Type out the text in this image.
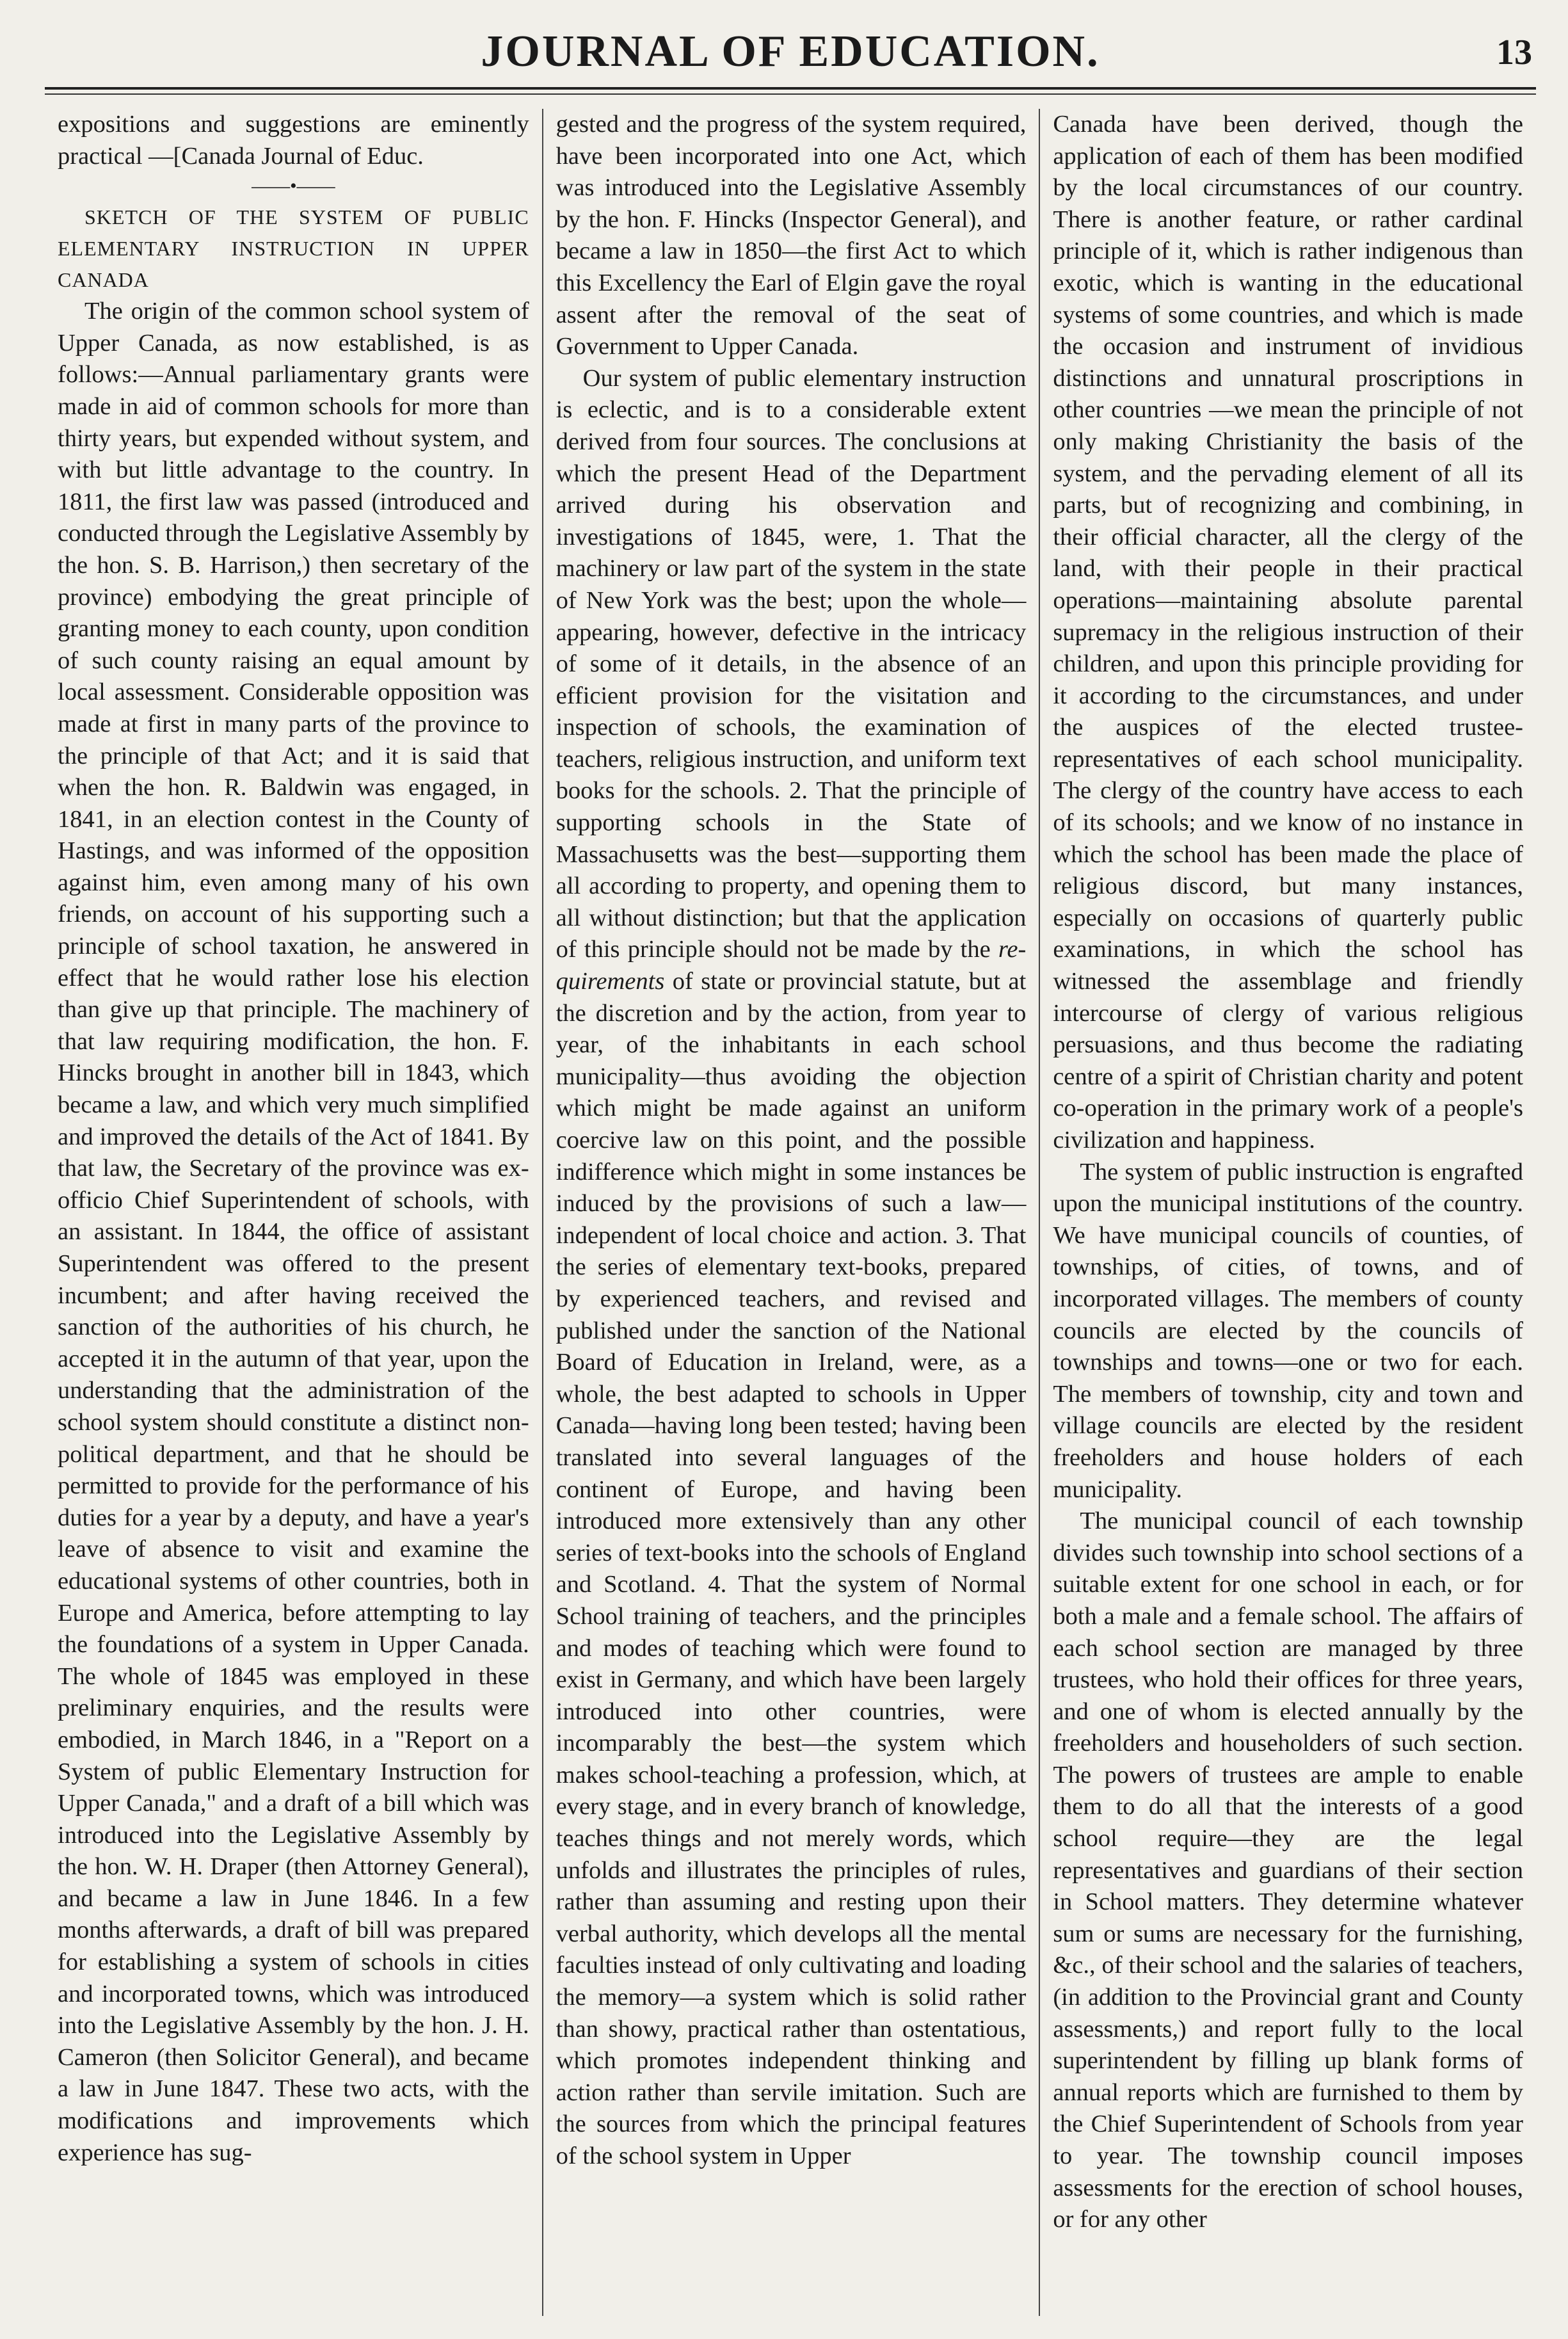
JOURNAL OF EDUCATION.	13

expositions and suggestions are eminently practical —[Canada Journal of Educ.

——•——

SKETCH OF THE SYSTEM OF PUBLIC ELEMENTARY INSTRUCTION IN UPPER CANADA

The origin of the common school system of Upper Canada, as now established, is as follows:—Annual parliamentary grants were made in aid of common schools for more than thirty years, but expended without system, and with but little advantage to the country. In 1811, the first law was passed (introduced and conducted through the Legislative Assembly by the hon. S. B. Harrison,) then secretary of the province) embodying the great principle of granting money to each county, upon condition of such county raising an equal amount by local assessment. Considerable opposition was made at first in many parts of the province to the principle of that Act; and it is said that when the hon. R. Baldwin was engaged, in 1841, in an election contest in the County of Hastings, and was informed of the opposition against him, even among many of his own friends, on account of his supporting such a principle of school taxation, he answered in effect that he would rather lose his election than give up that principle. The machinery of that law requiring modification, the hon. F. Hincks brought in another bill in 1843, which became a law, and which very much simplified and improved the details of the Act of 1841. By that law, the Secretary of the province was ex-officio Chief Superintendent of schools, with an assistant. In 1844, the office of assistant Superintendent was offered to the present incumbent; and after having received the sanction of the authorities of his church, he accepted it in the autumn of that year, upon the understanding that the administration of the school system should constitute a distinct non-political department, and that he should be permitted to provide for the performance of his duties for a year by a deputy, and have a year's leave of absence to visit and examine the educational systems of other countries, both in Europe and America, before attempting to lay the foundations of a system in Upper Canada. The whole of 1845 was employed in these preliminary enquiries, and the results were embodied, in March 1846, in a "Report on a System of public Elementary Instruction for Upper Canada," and a draft of a bill which was introduced into the Legislative Assembly by the hon. W. H. Draper (then Attorney General), and became a law in June 1846. In a few months afterwards, a draft of bill was prepared for establishing a system of schools in cities and incorporated towns, which was introduced into the Legislative Assembly by the hon. J. H. Cameron (then Solicitor General), and became a law in June 1847. These two acts, with the modifications and improvements which experience has sug-

gested and the progress of the system required, have been incorporated into one Act, which was introduced into the Legislative Assembly by the hon. F. Hincks (Inspector General), and became a law in 1850—the first Act to which this Excellency the Earl of Elgin gave the royal assent after the removal of the seat of Government to Upper Canada.

Our system of public elementary instruction is eclectic, and is to a considerable extent derived from four sources. The conclusions at which the present Head of the Department arrived during his observation and investigations of 1845, were, 1. That the machinery or law part of the system in the state of New York was the best; upon the whole—appearing, however, defective in the intricacy of some of it details, in the absence of an efficient provision for the visitation and inspection of schools, the examination of teachers, religious instruction, and uniform text books for the schools. 2. That the principle of supporting schools in the State of Massachusetts was the best—supporting them all according to property, and opening them to all without distinction; but that the application of this principle should not be made by the re-quirements of state or provincial statute, but at the discretion and by the action, from year to year, of the inhabitants in each school municipality—thus avoiding the objection which might be made against an uniform coercive law on this point, and the possible indifference which might in some instances be induced by the provisions of such a law—independent of local choice and action. 3. That the series of elementary text-books, prepared by experienced teachers, and revised and published under the sanction of the National Board of Education in Ireland, were, as a whole, the best adapted to schools in Upper Canada—having long been tested; having been translated into several languages of the continent of Europe, and having been introduced more extensively than any other series of text-books into the schools of England and Scotland. 4. That the system of Normal School training of teachers, and the principles and modes of teaching which were found to exist in Germany, and which have been largely introduced into other countries, were incomparably the best—the system which makes school-teaching a profession, which, at every stage, and in every branch of knowledge, teaches things and not merely words, which unfolds and illustrates the principles of rules, rather than assuming and resting upon their verbal authority, which develops all the mental faculties instead of only cultivating and loading the memory—a system which is solid rather than showy, practical rather than ostentatious, which promotes independent thinking and action rather than servile imitation. Such are the sources from which the principal features of the school system in Upper

Canada have been derived, though the application of each of them has been modified by the local circumstances of our country. There is another feature, or rather cardinal principle of it, which is rather indigenous than exotic, which is wanting in the educational systems of some countries, and which is made the occasion and instrument of invidious distinctions and unnatural proscriptions in other countries —we mean the principle of not only making Christianity the basis of the system, and the pervading element of all its parts, but of recognizing and combining, in their official character, all the clergy of the land, with their people in their practical operations—maintaining absolute parental supremacy in the religious instruction of their children, and upon this principle providing for it according to the circumstances, and under the auspices of the elected trustee-representatives of each school municipality. The clergy of the country have access to each of its schools; and we know of no instance in which the school has been made the place of religious discord, but many instances, especially on occasions of quarterly public examinations, in which the school has witnessed the assemblage and friendly intercourse of clergy of various religious persuasions, and thus become the radiating centre of a spirit of Christian charity and potent co-operation in the primary work of a people's civilization and happiness.

The system of public instruction is engrafted upon the municipal institutions of the country. We have municipal councils of counties, of townships, of cities, of towns, and of incorporated villages. The members of county councils are elected by the councils of townships and towns—one or two for each. The members of township, city and town and village councils are elected by the resident freeholders and house holders of each municipality.

The municipal council of each township divides such township into school sections of a suitable extent for one school in each, or for both a male and a female school. The affairs of each school section are managed by three trustees, who hold their offices for three years, and one of whom is elected annually by the freeholders and householders of such section. The powers of trustees are ample to enable them to do all that the interests of a good school require—they are the legal representatives and guardians of their section in School matters. They determine whatever sum or sums are necessary for the furnishing, &c., of their school and the salaries of teachers, (in addition to the Provincial grant and County assessments,) and report fully to the local superintendent by filling up blank forms of annual reports which are furnished to them by the Chief Superintendent of Schools from year to year. The township council imposes assessments for the erection of school houses, or for any other
